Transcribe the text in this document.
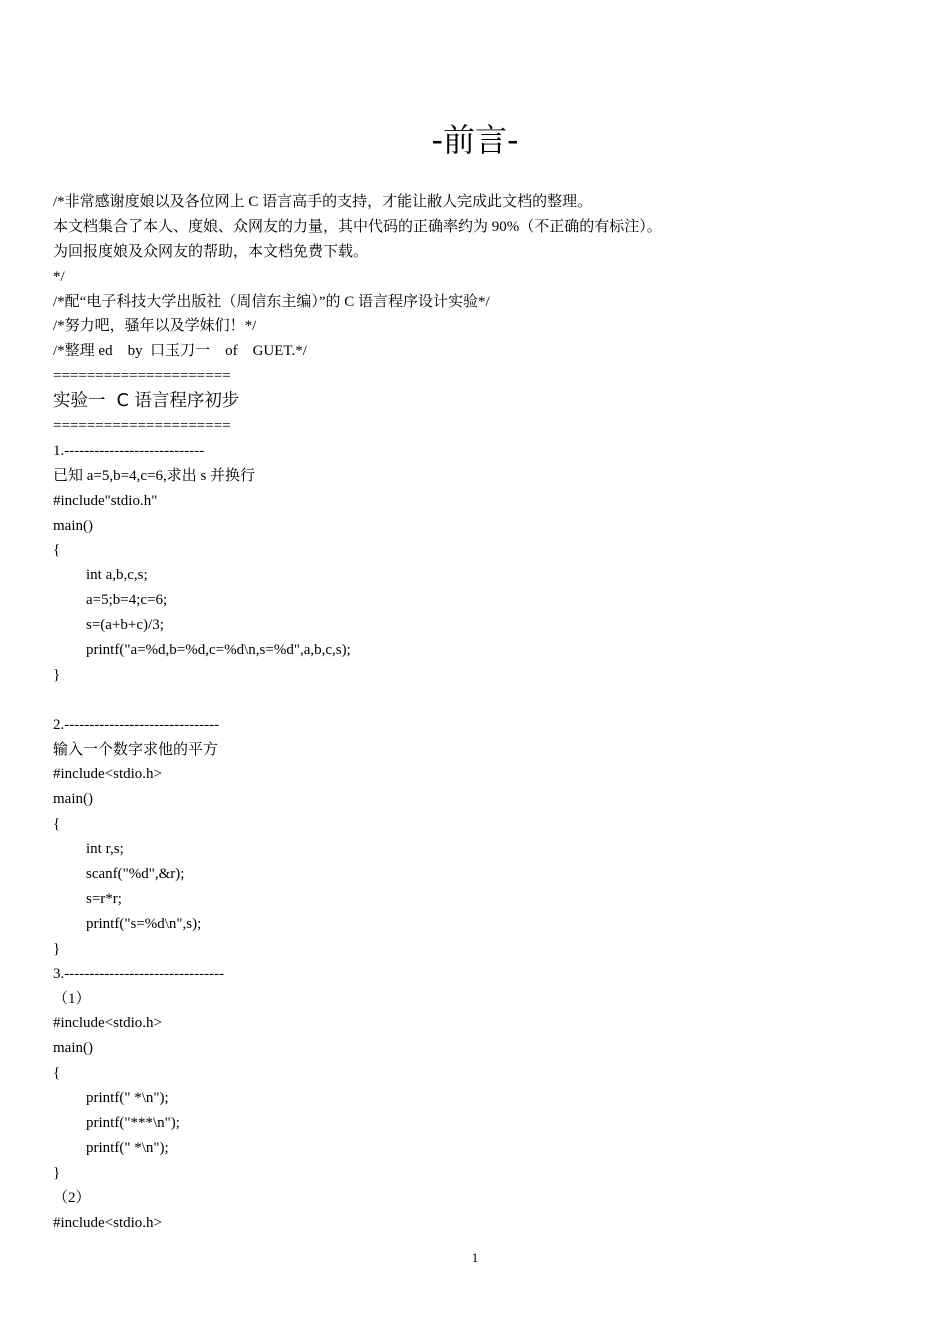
-前言-
/*非常感谢度娘以及各位网上 C 语言高手的支持，才能让敝人完成此文档的整理。
本文档集合了本人、度娘、众网友的力量，其中代码的正确率约为 90%（不正确的有标注）。
为回报度娘及众网友的帮助，本文档免费下载。
*/
/*配“电子科技大学出版社（周信东主编）”的 C 语言程序设计实验*/
/*努力吧，骚年以及学妹们！*/
/*整理 ed    by  口玉刀一    of    GUET.*/
=====================
实验一  C 语言程序初步
=====================
1.----------------------------
已知 a=5,b=4,c=6,求出 s 并换行
#include"stdio.h"
main()
{
int a,b,c,s;
a=5;b=4;c=6;
s=(a+b+c)/3;
printf("a=%d,b=%d,c=%d\n,s=%d",a,b,c,s);
}
2.-------------------------------
输入一个数字求他的平方
#include<stdio.h>
main()
{
int r,s;
scanf("%d",&r);
s=r*r;
printf("s=%d\n",s);
}
3.--------------------------------
（1）
#include<stdio.h>
main()
{
printf(" *\n");
printf("***\n");
printf(" *\n");
}
（2）
#include<stdio.h>
1
